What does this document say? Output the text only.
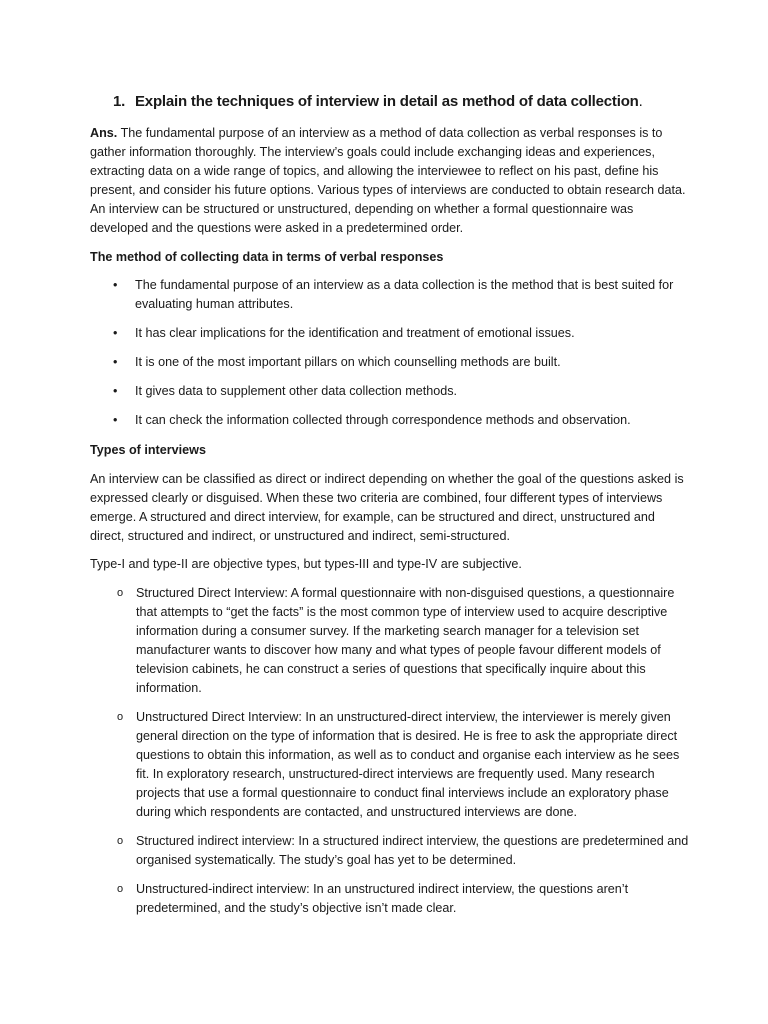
1. Explain the techniques of interview in detail as method of data collection.

Ans. The fundamental purpose of an interview as a method of data collection as verbal responses is to gather information thoroughly. The interview’s goals could include exchanging ideas and experiences, extracting data on a wide range of topics, and allowing the interviewee to reflect on his past, define his present, and consider his future options. Various types of interviews are conducted to obtain research data. An interview can be structured or unstructured, depending on whether a formal questionnaire was developed and the questions were asked in a predetermined order.

The method of collecting data in terms of verbal responses
• The fundamental purpose of an interview as a data collection is the method that is best suited for evaluating human attributes.
• It has clear implications for the identification and treatment of emotional issues.
• It is one of the most important pillars on which counselling methods are built.
• It gives data to supplement other data collection methods.
• It can check the information collected through correspondence methods and observation.
Types of interviews

An interview can be classified as direct or indirect depending on whether the goal of the questions asked is expressed clearly or disguised. When these two criteria are combined, four different types of interviews emerge. A structured and direct interview, for example, can be structured and direct, unstructured and direct, structured and indirect, or unstructured and indirect, semi-structured.

Type-I and type-II are objective types, but types-III and type-IV are subjective.

o Structured Direct Interview: A formal questionnaire with non-disguised questions, a questionnaire that attempts to “get the facts” is the most common type of interview used to acquire descriptive information during a consumer survey. If the marketing search manager for a television set manufacturer wants to discover how many and what types of people favour different models of television cabinets, he can construct a series of questions that specifically inquire about this information.
o Unstructured Direct Interview: In an unstructured-direct interview, the interviewer is merely given general direction on the type of information that is desired. He is free to ask the appropriate direct questions to obtain this information, as well as to conduct and organise each interview as he sees fit. In exploratory research, unstructured-direct interviews are frequently used. Many research projects that use a formal questionnaire to conduct final interviews include an exploratory phase during which respondents are contacted, and unstructured interviews are done.
o Structured indirect interview: In a structured indirect interview, the questions are predetermined and organised systematically. The study’s goal has yet to be determined.
o Unstructured-indirect interview: In an unstructured indirect interview, the questions aren’t predetermined, and the study’s objective isn’t made clear.
